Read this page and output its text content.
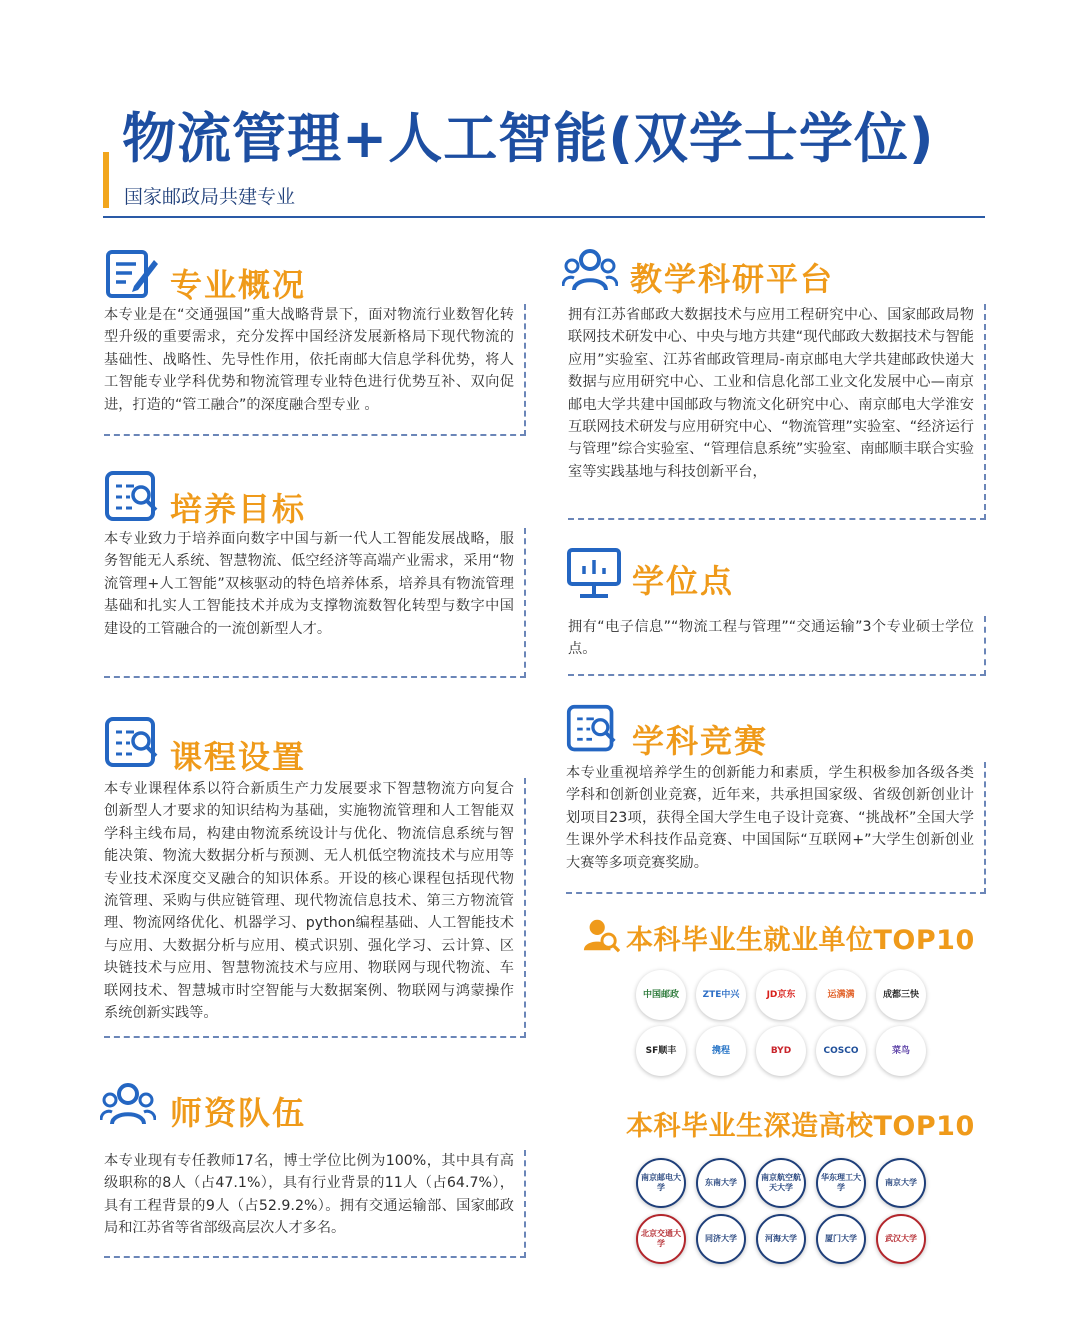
物流管理+人工智能(双学士学位)
国家邮政局共建专业
专业概况
本专业是在“交通强国”重大战略背景下，面对物流行业数智化转型升级的重要需求，充分发挥中国经济发展新格局下现代物流的基础性、战略性、先导性作用，依托南邮大信息学科优势，将人工智能专业学科优势和物流管理专业特色进行优势互补、双向促进，打造的“管工融合”的深度融合型专业 。
培养目标
本专业致力于培养面向数字中国与新一代人工智能发展战略，服务智能无人系统、智慧物流、低空经济等高端产业需求，采用“物流管理+人工智能”双核驱动的特色培养体系，培养具有物流管理基础和扎实人工智能技术并成为支撑物流数智化转型与数字中国建设的工管融合的一流创新型人才。
课程设置
本专业课程体系以符合新质生产力发展要求下智慧物流方向复合创新型人才要求的知识结构为基础，实施物流管理和人工智能双学科主线布局，构建由物流系统设计与优化、物流信息系统与智能决策、物流大数据分析与预测、无人机低空物流技术与应用等专业技术深度交叉融合的知识体系。开设的核心课程包括现代物流管理、采购与供应链管理、现代物流信息技术、第三方物流管理、物流网络优化、机器学习、python编程基础、人工智能技术与应用、大数据分析与应用、模式识别、强化学习、云计算、区块链技术与应用、智慧物流技术与应用、物联网与现代物流、车联网技术、智慧城市时空智能与大数据案例、物联网与鸿蒙操作系统创新实践等。
师资队伍
本专业现有专任教师17名，博士学位比例为100%，其中具有高级职称的8人（占47.1%），具有行业背景的11人（占64.7%），具有工程背景的9人（占52.9.2%）。拥有交通运输部、国家邮政局和江苏省等省部级高层次人才多名。
教学科研平台
拥有江苏省邮政大数据技术与应用工程研究中心、国家邮政局物联网技术研发中心、中央与地方共建“现代邮政大数据技术与智能应用”实验室、江苏省邮政管理局-南京邮电大学共建邮政快递大数据与应用研究中心、工业和信息化部工业文化发展中心—南京邮电大学共建中国邮政与物流文化研究中心、南京邮电大学淮安互联网技术研发与应用研究中心、“物流管理”实验室、“经济运行与管理”综合实验室、“管理信息系统”实验室、南邮顺丰联合实验室等实践基地与科技创新平台，
学位点
拥有“电子信息”“物流工程与管理”“交通运输”3个专业硕士学位点。
学科竞赛
本专业重视培养学生的创新能力和素质，学生积极参加各级各类学科和创新创业竞赛，近年来，共承担国家级、省级创新创业计划项目23项，获得全国大学生电子设计竞赛、“挑战杯”全国大学生课外学术科技作品竞赛、中国国际“互联网+”大学生创新创业大赛等多项竞赛奖励。
本科毕业生就业单位TOP10
中国邮政	ZTE中兴	JD京东	运满满	成都三快
SF顺丰	携程	BYD	COSCO	菜鸟
本科毕业生深造高校TOP10
南京邮电大学
东南大学
南京航空航天大学
华东理工大学
南京大学
北京交通大学
同济大学	河海大学	厦门大学	武汉大学
